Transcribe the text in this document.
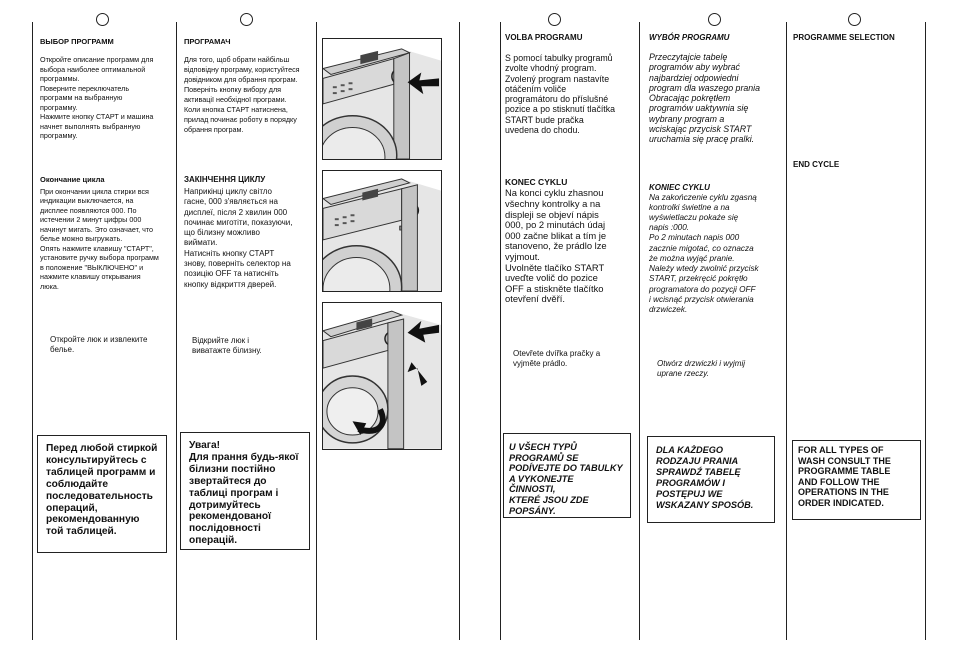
ВЫБОР ПРОГРАММ

Откройте описание программ для
выбора наиболее оптимальной
программы.
Поверните переключатель
программ на выбранную
программу.
Нажмите кнопку СТАРТ и машина
начнет выполнять выбранную
программу.

Окончание цикла

При окончании цикла стирки вся
индикации выключается, на
дисплее появляются 000. По
истечении 2 минут цифры 000
начинут мигать. Это означает, что
белье можно выгружать.
Опять нажмите клавишу "СТАРТ",
установите ручку выбора программ
в положение "ВЫКЛЮЧЕНО" и
нажмите клавишу открывания
люка.

Откройте люк и извлеките
белье.

Перед любой стиркой
консультируйтесь с
таблицей программ и
соблюдайте
последовательность
операций,
рекомендованную
той таблицей.

ПРОГРАМАЧ

Для того, щоб обрати найбільш
відповідну програму, користуйтеся
довідником для обрання програм.
Поверніть кнопку вибору для
активації необхідної програми.
Коли кнопка СТАРТ натиснена,
прилад починає роботу в порядку
обрання програм.

ЗАКІНЧЕННЯ ЦИКЛУ

Наприкінці циклу світло
гасне, 000 з'являється на
дисплеї, після 2 хвилин 000
починає миготіти, показуючи,
що білизну можливо
виймати.
Натисніть кнопку СТАРТ
знову, поверніть селектор на
позицію OFF та натисніть
кнопку відкриття дверей.

Відкрийте люк і
виватажте білизну.

Увага!
Для прання будь-якої
білизни постійно
звертайтеся до
таблиці програм і
дотримуйтесь
рекомендованої
послідовності
операцій.

VOLBA PROGRAMU

S pomocí tabulky programů
zvolte vhodný program.
Zvolený program nastavíte
otáčením voliče
programátoru do příslušné
pozice a po stisknutí tlačítka
START bude pračka
uvedena do chodu.

KONEC CYKLU

Na konci cyklu zhasnou
všechny kontrolky a na
displeji se objeví nápis
000, po 2 minutách údaj
000 začne blikat a tím je
stanoveno, že prádlo lze
vyjmout.
Uvolněte tlačíko START
uveďte volič do pozice
OFF a stiskněte tlačítko
otevření dvěří.

Otevřete dvířka pračky a
vyjměte prádlo.

U VŠECH TYPŮ
PROGRAMŮ SE
PODÍVEJTE DO TABULKY
A VYKONEJTE
ČINNOSTI,
KTERÉ JSOU ZDE
POPSÁNY.

WYBÓR PROGRAMU

Przeczytajcie tabelę
programów aby wybrać
najbardziej odpowiedni
program dla waszego prania
Obracając pokrętłem
programów uaktywnia się
wybrany program a
wciskając przycisk START
uruchamia się pracę pralki.

KONIEC CYKLU

Na zakończenie cyklu zgasną
kontrolki świetlne a na
wyświetlaczu pokaże się
napis :000.
Po 2 minutach napis 000
zacznie migotać, co oznacza
że można wyjąć pranie.
Należy wtedy zwolnić przycisk
START, przekręcić pokrętło
programatora do pozycji OFF
i wcisnąć przycisk otwierania
drzwiczek.

Otwórz drzwiczki i wyjmij
uprane rzeczy.

DLA KAŻDEGO
RODZAJU PRANIA
SPRAWDŹ TABELĘ
PROGRAMÓW I
POSTĘPUJ WE
WSKAZANY SPOSÓB.

PROGRAMME SELECTION

END CYCLE

FOR ALL TYPES OF
WASH CONSULT THE
PROGRAMME TABLE
AND FOLLOW THE
OPERATIONS IN THE
ORDER INDICATED.
